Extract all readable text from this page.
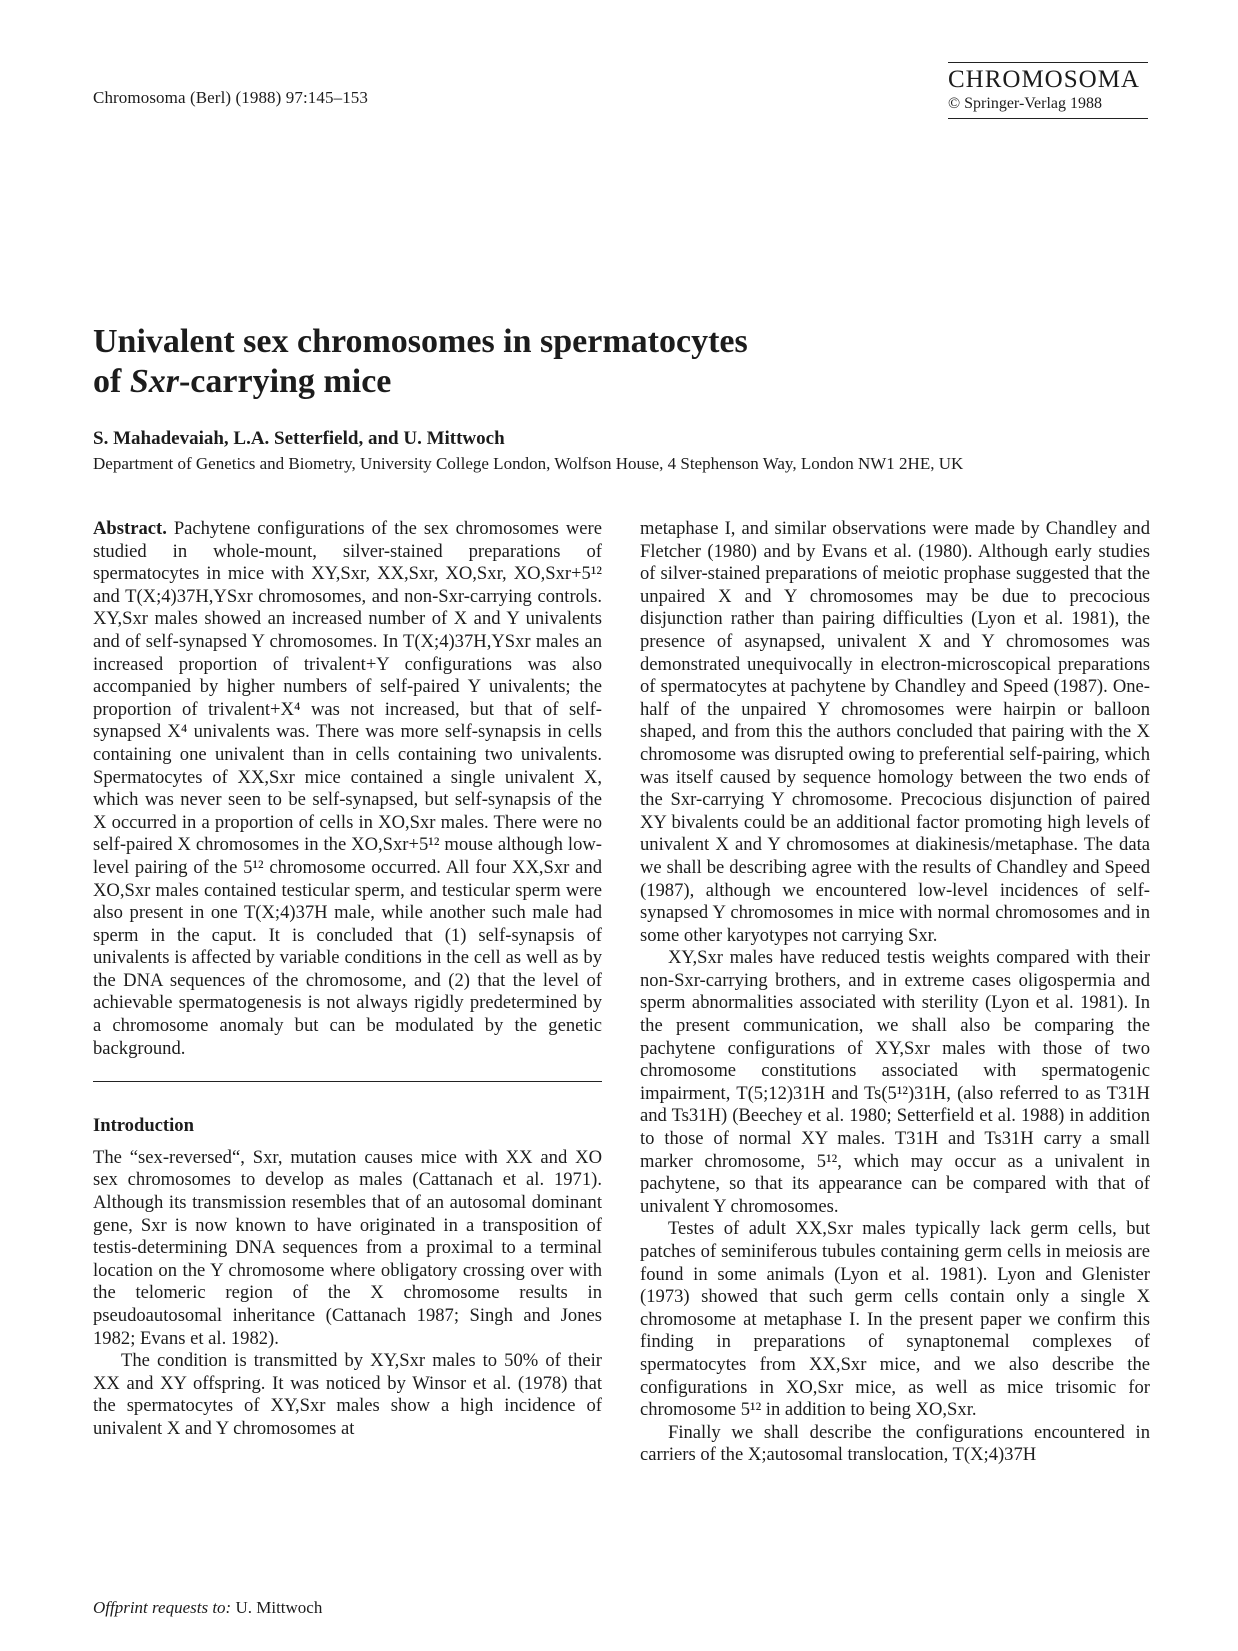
Chromosoma (Berl) (1988) 97:145–153
CHROMOSOMA
© Springer-Verlag 1988
Univalent sex chromosomes in spermatocytes
of Sxr-carrying mice
S. Mahadevaiah, L.A. Setterfield, and U. Mittwoch
Department of Genetics and Biometry, University College London, Wolfson House, 4 Stephenson Way, London NW1 2HE, UK

Abstract. Pachytene configurations of the sex chromosomes were studied in whole-mount, silver-stained preparations of spermatocytes in mice with XY,Sxr, XX,Sxr, XO,Sxr, XO,Sxr+5¹² and T(X;4)37H,YSxr chromosomes, and non-Sxr-carrying controls. XY,Sxr males showed an increased number of X and Y univalents and of self-synapsed Y chromosomes. In T(X;4)37H,YSxr males an increased proportion of trivalent+Y configurations was also accompanied by higher numbers of self-paired Y univalents; the proportion of trivalent+X⁴ was not increased, but that of self-synapsed X⁴ univalents was. There was more self-synapsis in cells containing one univalent than in cells containing two univalents. Spermatocytes of XX,Sxr mice contained a single univalent X, which was never seen to be self-synapsed, but self-synapsis of the X occurred in a proportion of cells in XO,Sxr males. There were no self-paired X chromosomes in the XO,Sxr+5¹² mouse although low-level pairing of the 5¹² chromosome occurred. All four XX,Sxr and XO,Sxr males contained testicular sperm, and testicular sperm were also present in one T(X;4)37H male, while another such male had sperm in the caput. It is concluded that (1) self-synapsis of univalents is affected by variable conditions in the cell as well as by the DNA sequences of the chromosome, and (2) that the level of achievable spermatogenesis is not always rigidly predetermined by a chromosome anomaly but can be modulated by the genetic background.

Introduction

The “sex-reversed“, Sxr, mutation causes mice with XX and XO sex chromosomes to develop as males (Cattanach et al. 1971). Although its transmission resembles that of an autosomal dominant gene, Sxr is now known to have originated in a transposition of testis-determining DNA sequences from a proximal to a terminal location on the Y chromosome where obligatory crossing over with the telomeric region of the X chromosome results in pseudoautosomal inheritance (Cattanach 1987; Singh and Jones 1982; Evans et al. 1982).

The condition is transmitted by XY,Sxr males to 50% of their XX and XY offspring. It was noticed by Winsor et al. (1978) that the spermatocytes of XY,Sxr males show a high incidence of univalent X and Y chromosomes at

metaphase I, and similar observations were made by Chandley and Fletcher (1980) and by Evans et al. (1980). Although early studies of silver-stained preparations of meiotic prophase suggested that the unpaired X and Y chromosomes may be due to precocious disjunction rather than pairing difficulties (Lyon et al. 1981), the presence of asynapsed, univalent X and Y chromosomes was demonstrated unequivocally in electron-microscopical preparations of spermatocytes at pachytene by Chandley and Speed (1987). One-half of the unpaired Y chromosomes were hairpin or balloon shaped, and from this the authors concluded that pairing with the X chromosome was disrupted owing to preferential self-pairing, which was itself caused by sequence homology between the two ends of the Sxr-carrying Y chromosome. Precocious disjunction of paired XY bivalents could be an additional factor promoting high levels of univalent X and Y chromosomes at diakinesis/metaphase. The data we shall be describing agree with the results of Chandley and Speed (1987), although we encountered low-level incidences of self-synapsed Y chromosomes in mice with normal chromosomes and in some other karyotypes not carrying Sxr.

XY,Sxr males have reduced testis weights compared with their non-Sxr-carrying brothers, and in extreme cases oligospermia and sperm abnormalities associated with sterility (Lyon et al. 1981). In the present communication, we shall also be comparing the pachytene configurations of XY,Sxr males with those of two chromosome constitutions associated with spermatogenic impairment, T(5;12)31H and Ts(5¹²)31H, (also referred to as T31H and Ts31H) (Beechey et al. 1980; Setterfield et al. 1988) in addition to those of normal XY males. T31H and Ts31H carry a small marker chromosome, 5¹², which may occur as a univalent in pachytene, so that its appearance can be compared with that of univalent Y chromosomes.

Testes of adult XX,Sxr males typically lack germ cells, but patches of seminiferous tubules containing germ cells in meiosis are found in some animals (Lyon et al. 1981). Lyon and Glenister (1973) showed that such germ cells contain only a single X chromosome at metaphase I. In the present paper we confirm this finding in preparations of synaptonemal complexes of spermatocytes from XX,Sxr mice, and we also describe the configurations in XO,Sxr mice, as well as mice trisomic for chromosome 5¹² in addition to being XO,Sxr.

Finally we shall describe the configurations encountered in carriers of the X;autosomal translocation, T(X;4)37H

Offprint requests to: U. Mittwoch
